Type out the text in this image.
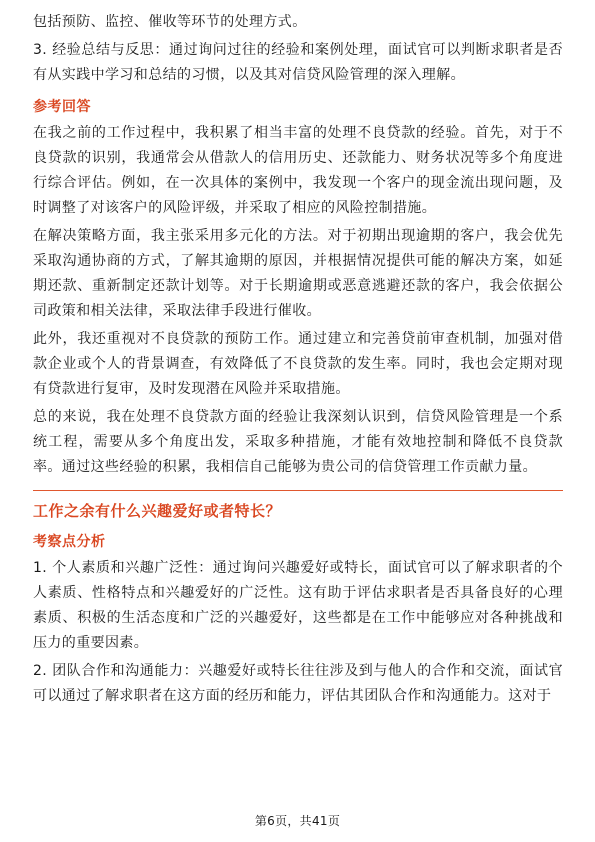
包括预防、监控、催收等环节的处理方式。

3. 经验总结与反思：通过询问过往的经验和案例处理，面试官可以判断求职者是否有从实践中学习和总结的习惯，以及其对信贷风险管理的深入理解。

参考回答

在我之前的工作过程中，我积累了相当丰富的处理不良贷款的经验。首先，对于不良贷款的识别，我通常会从借款人的信用历史、还款能力、财务状况等多个角度进行综合评估。例如，在一次具体的案例中，我发现一个客户的现金流出现问题，及时调整了对该客户的风险评级，并采取了相应的风险控制措施。

在解决策略方面，我主张采用多元化的方法。对于初期出现逾期的客户，我会优先采取沟通协商的方式，了解其逾期的原因，并根据情况提供可能的解决方案，如延期还款、重新制定还款计划等。对于长期逾期或恶意逃避还款的客户，我会依据公司政策和相关法律，采取法律手段进行催收。

此外，我还重视对不良贷款的预防工作。通过建立和完善贷前审查机制，加强对借款企业或个人的背景调查，有效降低了不良贷款的发生率。同时，我也会定期对现有贷款进行复审，及时发现潜在风险并采取措施。

总的来说，我在处理不良贷款方面的经验让我深刻认识到，信贷风险管理是一个系统工程，需要从多个角度出发，采取多种措施，才能有效地控制和降低不良贷款率。通过这些经验的积累，我相信自己能够为贵公司的信贷管理工作贡献力量。

工作之余有什么兴趣爱好或者特长？
考察点分析

1. 个人素质和兴趣广泛性：通过询问兴趣爱好或特长，面试官可以了解求职者的个人素质、性格特点和兴趣爱好的广泛性。这有助于评估求职者是否具备良好的心理素质、积极的生活态度和广泛的兴趣爱好，这些都是在工作中能够应对各种挑战和压力的重要因素。

2. 团队合作和沟通能力：兴趣爱好或特长往往涉及到与他人的合作和交流，面试官可以通过了解求职者在这方面的经历和能力，评估其团队合作和沟通能力。这对于

第6页，共41页
